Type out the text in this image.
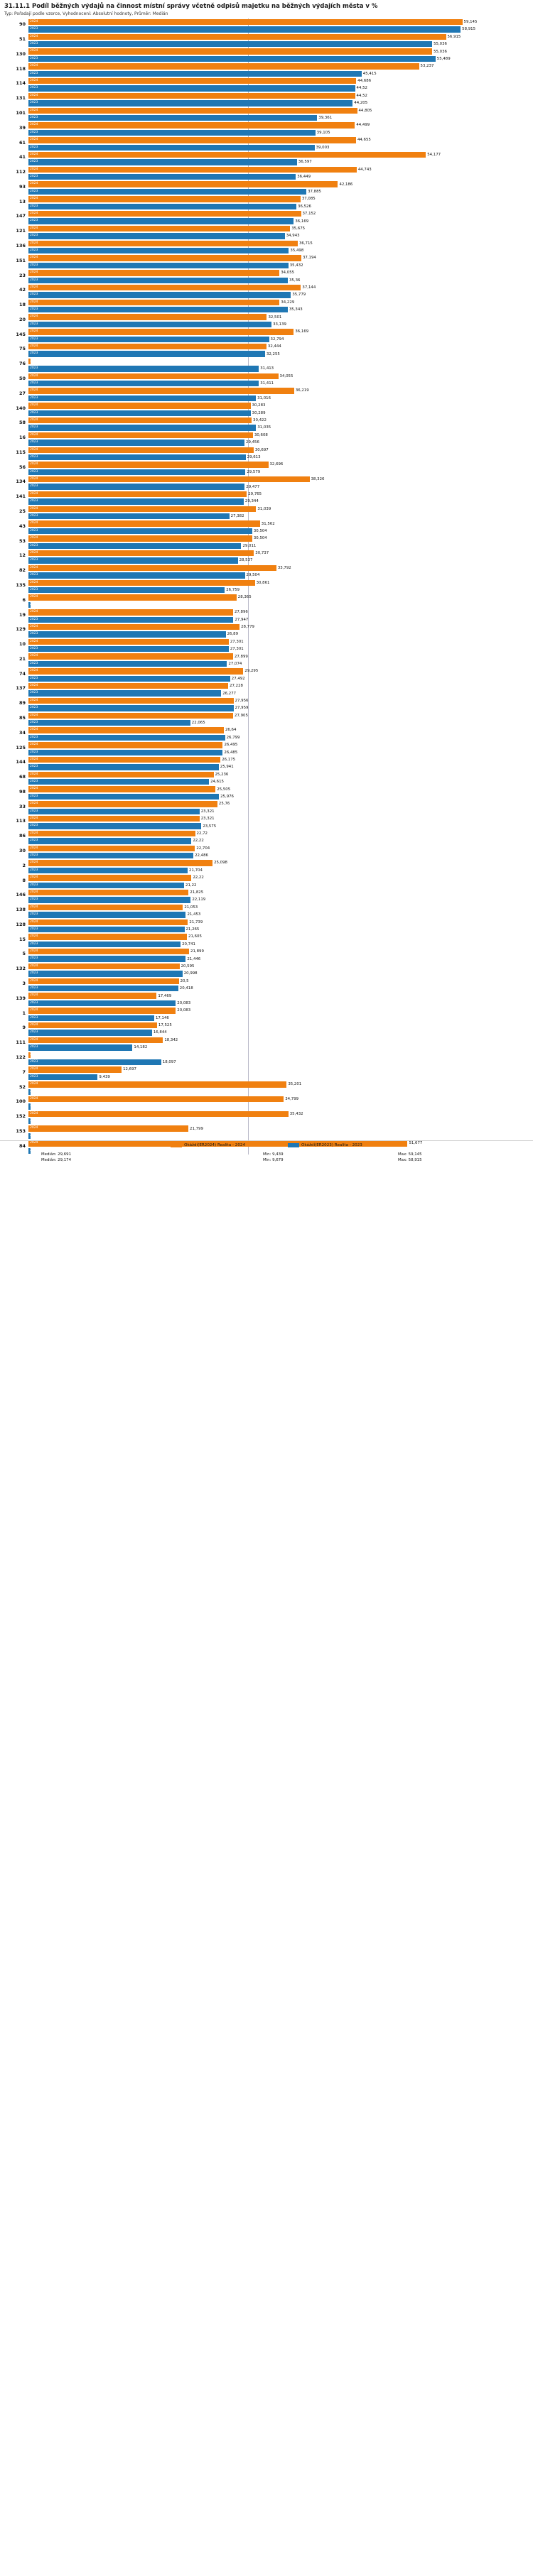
31.11.1 Podíl běžných výdajů na činnost místní správy včetně odpisů majetku na běžných výdajích města v %
Typ: Pořadají podle vzorce, Vyhodnocení: Absolutní hodnoty, Průměr: Medián
90 2024	59,145
2023	58,915
51 2024	56,915
2023	55,036
130 2024	55,036
2023	55,489
118 2024	53,237
2023	45,415
114 2024	44,686
2023	44,52
131 2024	44,52
2023	44,205
101 2024	44,805
2023	39,361
39 2024	44,499
2023	39,105
61 2024	44,655
2023	39,003
41 2024	54,177
2023	36,597
112 2024	44,743
2023	36,449
93 2024	42,186
2023	37,885
13 2024	37,085
2023	36,526
147 2024	37,152
2023	36,169
121 2024	35,675
2023	34,943
136 2024	36,715
2023	35,498
151 2024	37,194
2023	35,432
23 2024	34,055
2023	35,36
42 2024	37,144
2023	35,779
18 2024	34,229
2023	35,343
20 2024	32,501
2023	33,139
145 2024	36,169
2023	32,794
75 2024	32,444
2023	32,255
76 2024
2023	31,413
50 2024	34,055
2023	31,411
27 2024	36,219
2023	31,016
140 2024	30,283
2023	30,289
58 2024	30,422
2023	31,035
16 2024	30,608
2023	29,456
115 2024	30,697
2023	29,613
56 2024	32,696
2023	29,579
134 2024	38,326
2023	29,477
141 2024	29,765
2023	29,344
25 2024	31,039
2023	27,382
43 2024	31,562
2023	30,504
53 2024	30,504
2023	29,011
12 2024	30,737
2023	28,537
82 2024	33,792
2023	29,504
135 2024	30,861
2023	26,759
6 2024	28,365
2023
19 2024	27,896
2023	27,947
129 2024	28,779
2023	26,89
10 2024	27,301
2023	27,301
21 2024	27,899
2023	27,074
74 2024	29,295
2023	27,492
137 2024	27,228
2023	26,277
89 2024	27,956
2023	27,959
85 2024	27,905
2023	22,065
34 2024	26,64
2023	26,799
125 2024	26,495
2023	26,485
144 2024	26,175
2023	25,941
68 2024	25,236
2023	24,615
98 2024	25,505
2023	25,976
33 2024	25,76
2023	23,321
113 2024	23,321
2023	23,575
86 2024	22,72
2023	22,22
30 2024	22,704
2023	22,486
2 2024	25,098
2023	21,704
8 2024	22,22
2023	21,22
146 2024	21,825
2023	22,119
138 2024	21,053
2023	21,453
128 2024	21,739
2023	21,265
15 2024	21,605
2023	20,741
5 2024	21,899
2023	21,446
132 2024	20,595
2023	20,998
3 2024	20,5
2023	20,418
139 2024	17,469
2023	20,083
1 2024	20,083
2023	17,146
9 2024	17,525
2023	16,844
111 2024	18,342
2023	14,182
122 2024
2023	18,097
7 2024	12,697
2023	9,439
52 2024	35,201
2023
100 2024	34,799
2023
152 2024	35,432
2023
153 2024	21,799
2023
84 2024	51,677
2023
Okáždí(ER2024) Realita - 2024	Okáždí(ER2023) Realita - 2023
Medián: 29,691
Medián: 29,174
Min: 9,439
Min: 9,679
Max: 59,145
Max: 58,915
